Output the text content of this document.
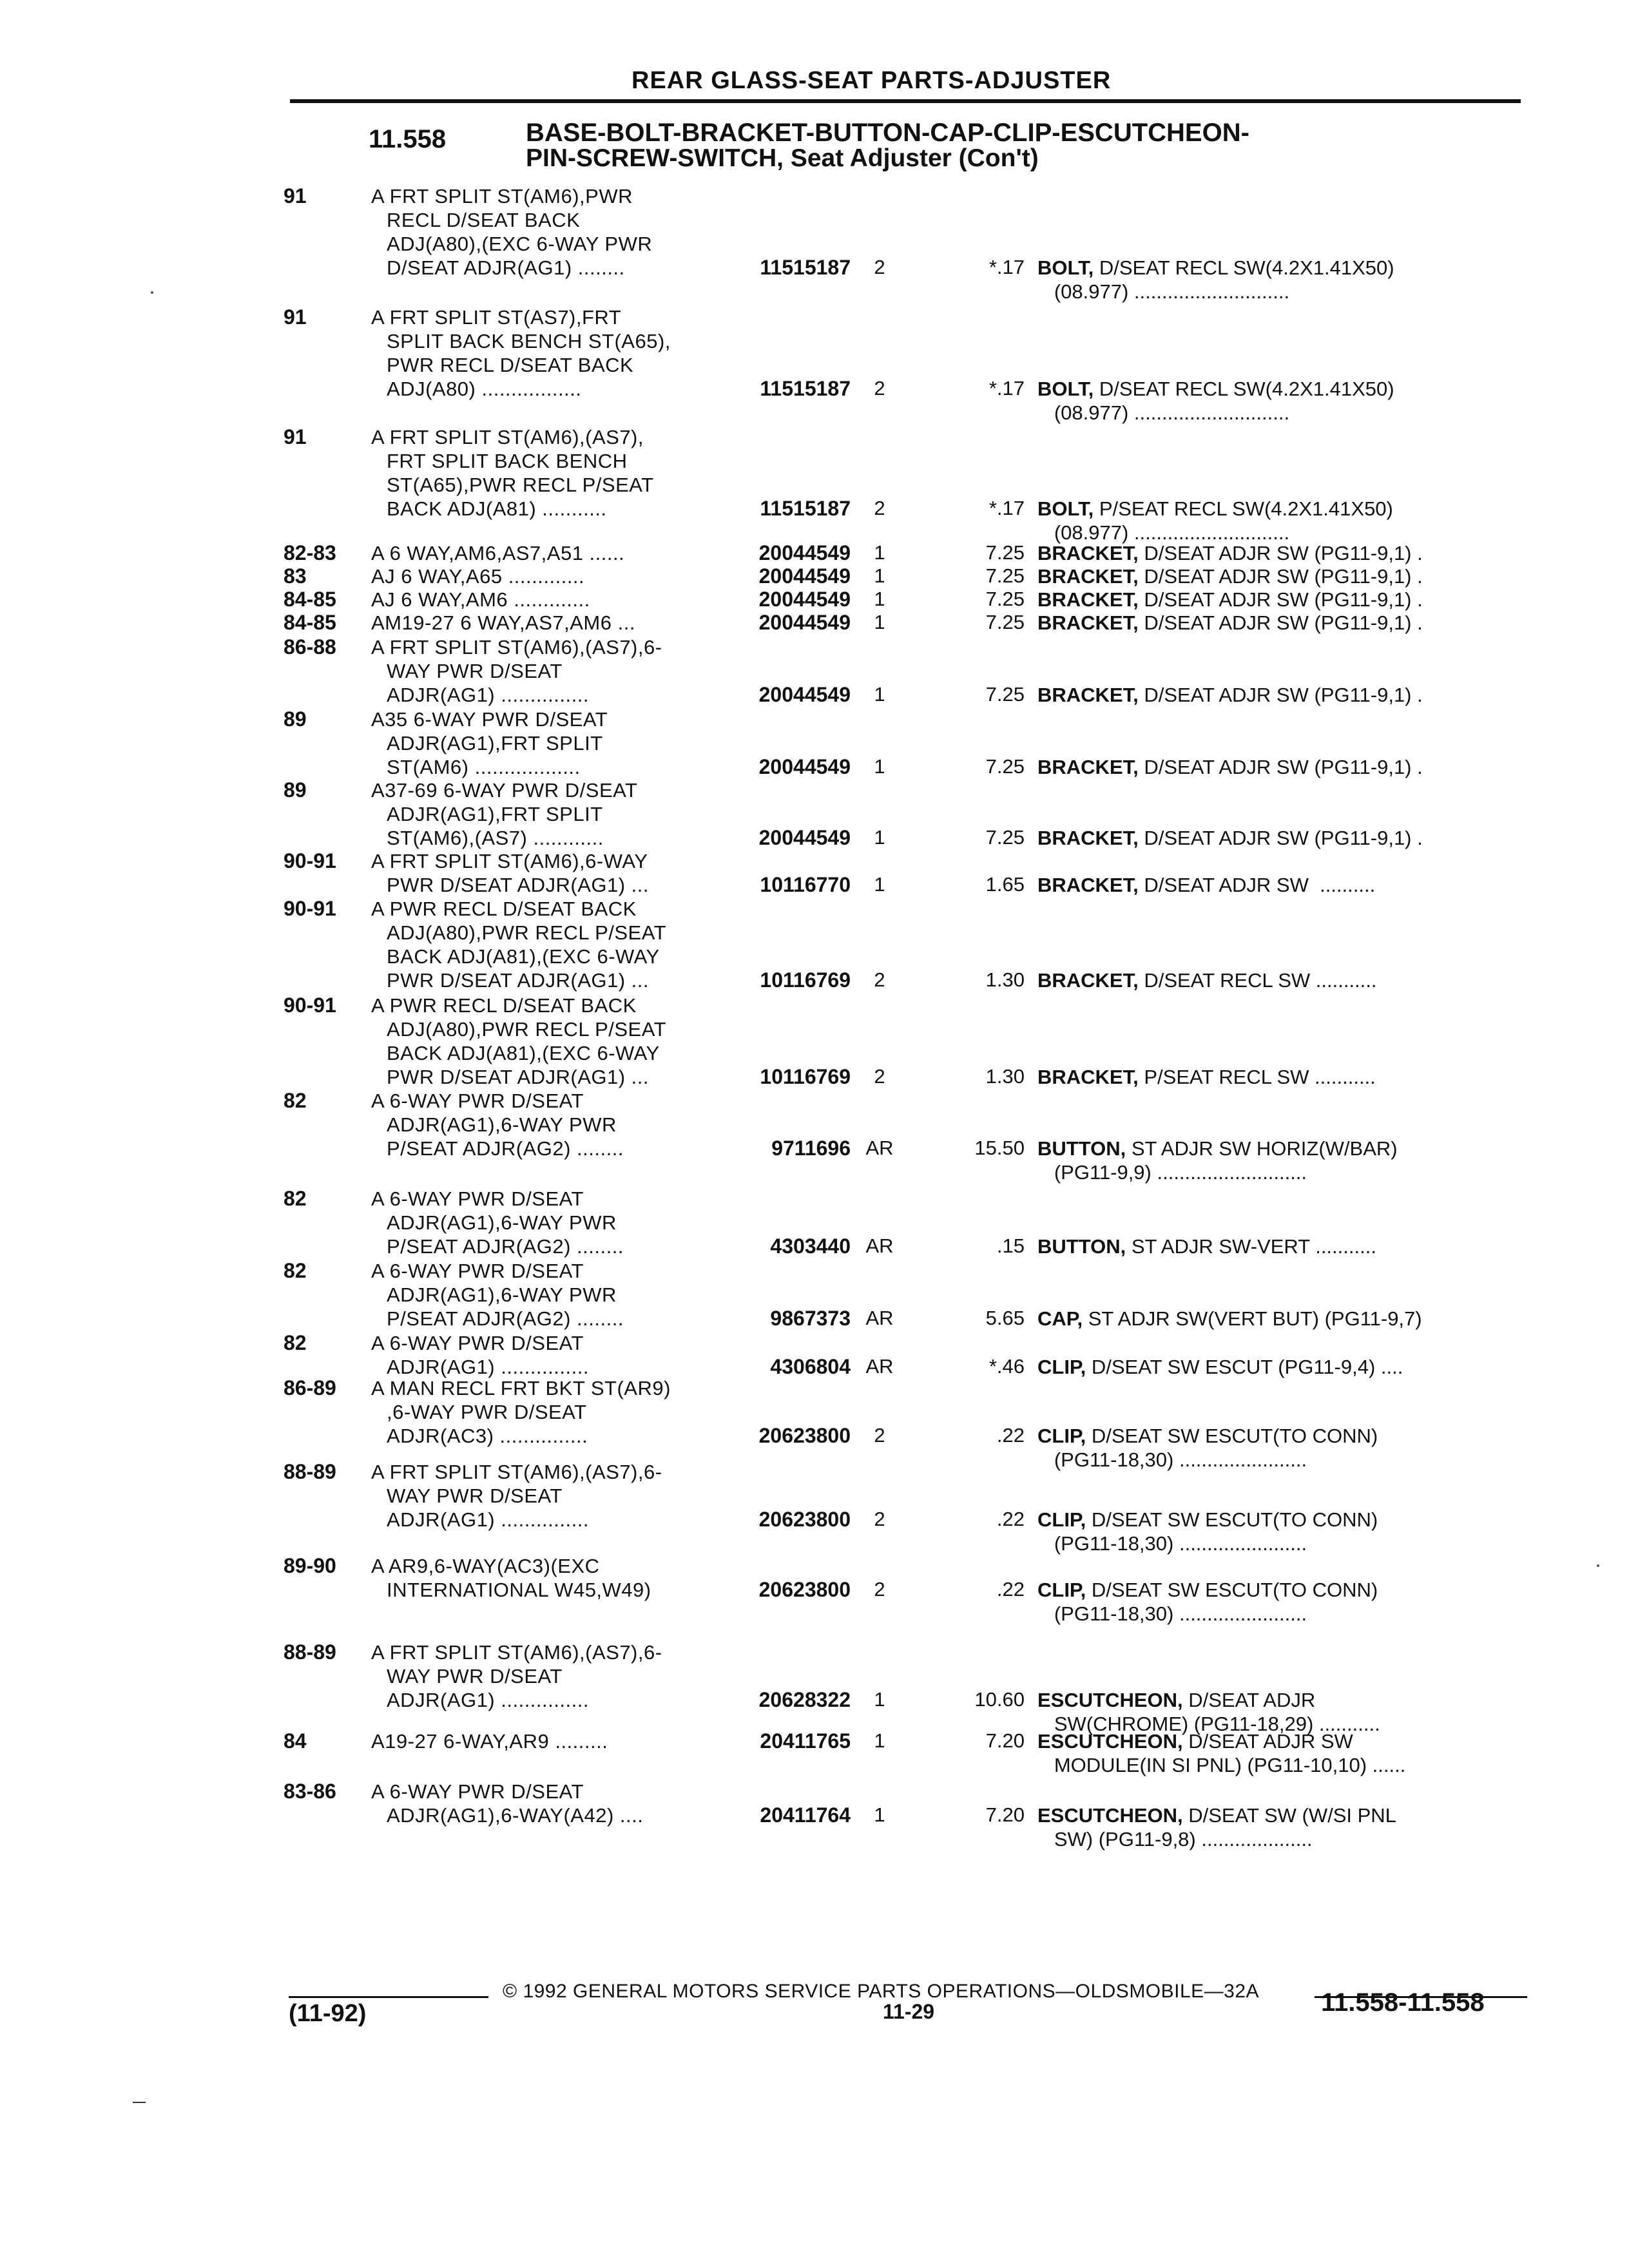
REAR GLASS-SEAT PARTS-ADJUSTER
11.558	BASE-BOLT-BRACKET-BUTTON-CAP-CLIP-ESCUTCHEON-
PIN-SCREW-SWITCH, Seat Adjuster (Con't)
91	A FRT SPLIT ST(AM6),PWR
RECL D/SEAT BACK
ADJ(A80),(EXC 6-WAY PWR
D/SEAT ADJR(AG1) ........	11515187	2	*.17 BOLT, D/SEAT RECL SW(4.2X1.41X50)
(08.977) ............................
91	A FRT SPLIT ST(AS7),FRT
SPLIT BACK BENCH ST(A65),
PWR RECL D/SEAT BACK
ADJ(A80) .................	11515187	2	*.17 BOLT, D/SEAT RECL SW(4.2X1.41X50)
(08.977) ............................
91	A FRT SPLIT ST(AM6),(AS7),
FRT SPLIT BACK BENCH
ST(A65),PWR RECL P/SEAT
BACK ADJ(A81) ...........	11515187	2	*.17 BOLT, P/SEAT RECL SW(4.2X1.41X50)
(08.977) ............................
82-83	A 6 WAY,AM6,AS7,A51 ......	20044549	1	7.25 BRACKET, D/SEAT ADJR SW (PG11-9,1) .
83	AJ 6 WAY,A65 .............	20044549	1	7.25 BRACKET, D/SEAT ADJR SW (PG11-9,1) .
84-85	AJ 6 WAY,AM6 .............	20044549	1	7.25 BRACKET, D/SEAT ADJR SW (PG11-9,1) .
84-85	AM19-27 6 WAY,AS7,AM6 ...	20044549	1	7.25 BRACKET, D/SEAT ADJR SW (PG11-9,1) .
86-88	A FRT SPLIT ST(AM6),(AS7),6-
WAY PWR D/SEAT
ADJR(AG1) ...............	20044549	1	7.25 BRACKET, D/SEAT ADJR SW (PG11-9,1) .
89	A35 6-WAY PWR D/SEAT
ADJR(AG1),FRT SPLIT
ST(AM6) ..................	20044549	1	7.25 BRACKET, D/SEAT ADJR SW (PG11-9,1) .
89	A37-69 6-WAY PWR D/SEAT
ADJR(AG1),FRT SPLIT
ST(AM6),(AS7) ............	20044549	1	7.25 BRACKET, D/SEAT ADJR SW (PG11-9,1) .
90-91	A FRT SPLIT ST(AM6),6-WAY
PWR D/SEAT ADJR(AG1) ...	10116770	1	1.65 BRACKET, D/SEAT ADJR SW  ..........
90-91	A PWR RECL D/SEAT BACK
ADJ(A80),PWR RECL P/SEAT
BACK ADJ(A81),(EXC 6-WAY
PWR D/SEAT ADJR(AG1) ...	10116769	2	1.30 BRACKET, D/SEAT RECL SW ...........
90-91	A PWR RECL D/SEAT BACK
ADJ(A80),PWR RECL P/SEAT
BACK ADJ(A81),(EXC 6-WAY
PWR D/SEAT ADJR(AG1) ...	10116769	2	1.30 BRACKET, P/SEAT RECL SW ...........
82	A 6-WAY PWR D/SEAT
ADJR(AG1),6-WAY PWR
P/SEAT ADJR(AG2) ........	9711696 AR	15.50 BUTTON, ST ADJR SW HORIZ(W/BAR)
(PG11-9,9) ...........................
82	A 6-WAY PWR D/SEAT
ADJR(AG1),6-WAY PWR
P/SEAT ADJR(AG2) ........	4303440 AR	.15 BUTTON, ST ADJR SW-VERT ...........
82	A 6-WAY PWR D/SEAT
ADJR(AG1),6-WAY PWR
P/SEAT ADJR(AG2) ........	9867373 AR	5.65 CAP, ST ADJR SW(VERT BUT) (PG11-9,7)
82	A 6-WAY PWR D/SEAT
ADJR(AG1) ...............	4306804 AR	*.46 CLIP, D/SEAT SW ESCUT (PG11-9,4) ....
86-89	A MAN RECL FRT BKT ST(AR9)
,6-WAY PWR D/SEAT
ADJR(AC3) ...............	20623800	2	.22 CLIP, D/SEAT SW ESCUT(TO CONN)
(PG11-18,30) .......................
88-89	A FRT SPLIT ST(AM6),(AS7),6-
WAY PWR D/SEAT
ADJR(AG1) ...............	20623800	2	.22 CLIP, D/SEAT SW ESCUT(TO CONN)
(PG11-18,30) .......................
89-90	A AR9,6-WAY(AC3)(EXC
INTERNATIONAL W45,W49)	20623800	2	.22 CLIP, D/SEAT SW ESCUT(TO CONN)
(PG11-18,30) .......................
88-89	A FRT SPLIT ST(AM6),(AS7),6-
WAY PWR D/SEAT
ADJR(AG1) ...............	20628322	1	10.60 ESCUTCHEON, D/SEAT ADJR
SW(CHROME) (PG11-18,29) ...........
84	A19-27 6-WAY,AR9 .........	20411765	1	7.20 ESCUTCHEON, D/SEAT ADJR SW
MODULE(IN SI PNL) (PG11-10,10) ......
83-86	A 6-WAY PWR D/SEAT
ADJR(AG1),6-WAY(A42) ....	20411764	1	7.20 ESCUTCHEON, D/SEAT SW (W/SI PNL
SW) (PG11-9,8) ....................
© 1992 GENERAL MOTORS SERVICE PARTS OPERATIONS—OLDSMOBILE—32A
(11-92)	11-29	11.558-11.558
